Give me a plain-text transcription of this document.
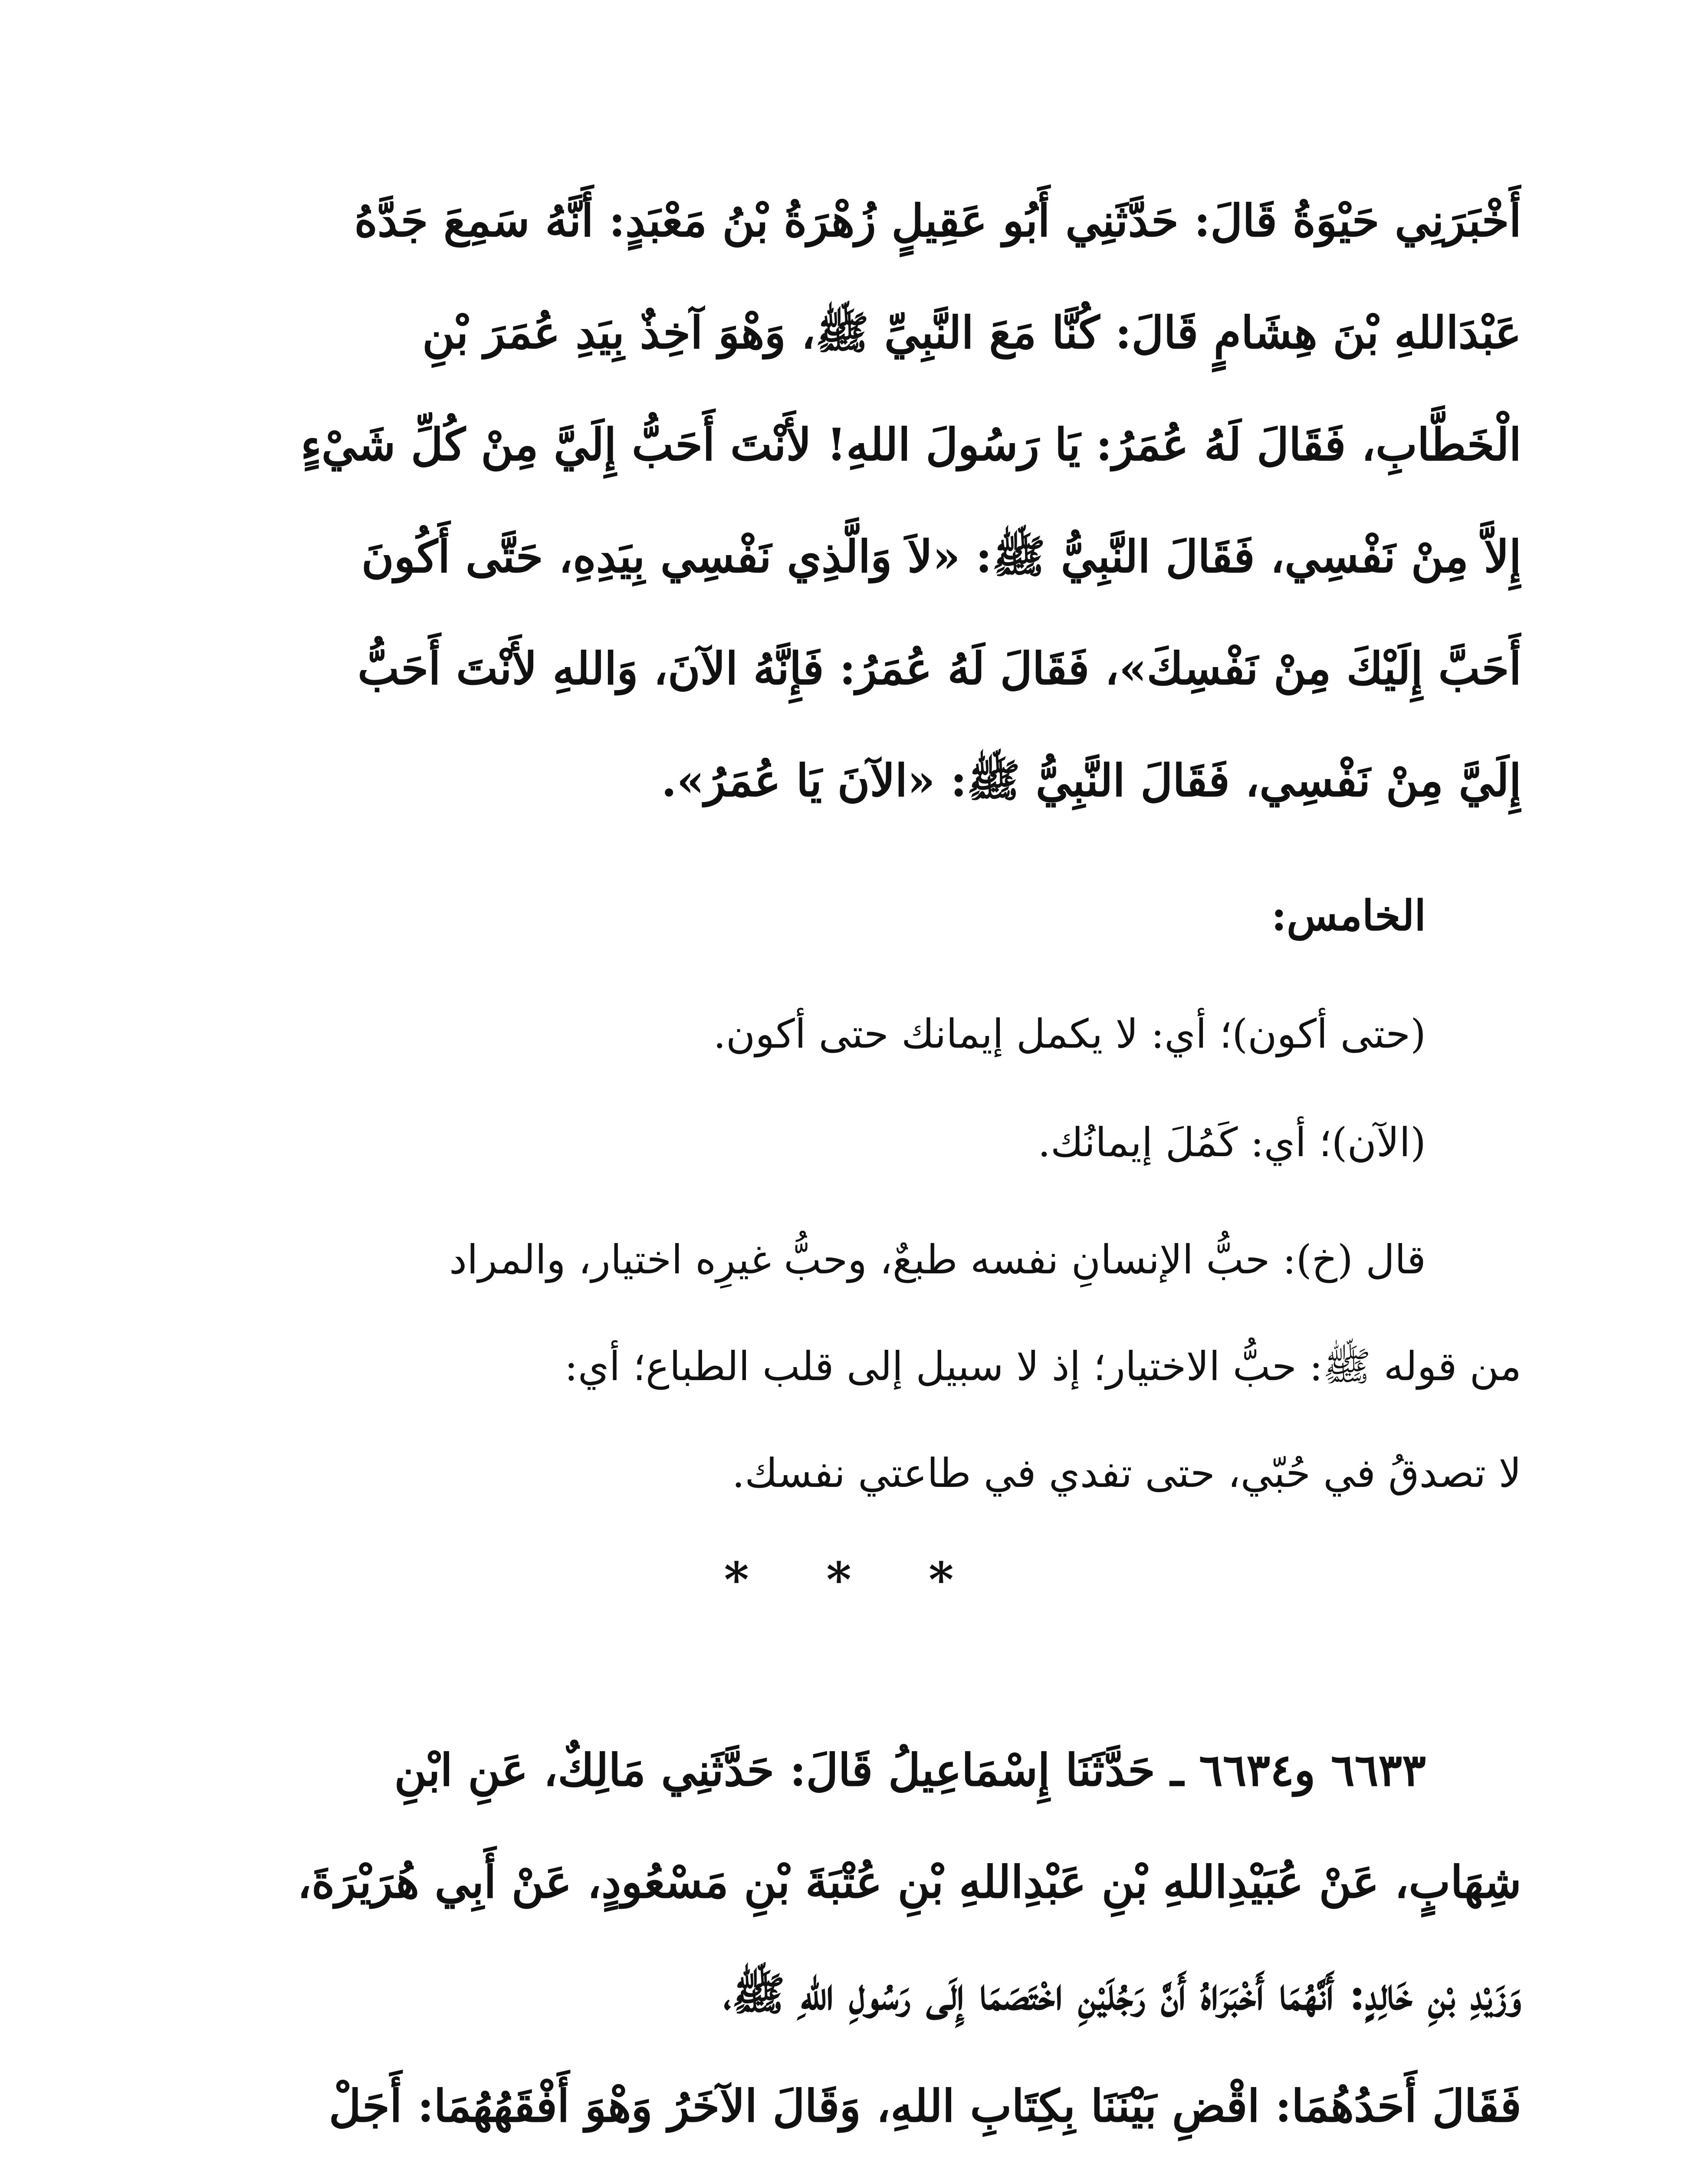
أَخْبَرَنِي حَيْوَةُ قَالَ: حَدَّثَنِي أَبُو عَقِيلٍ زُهْرَةُ بْنُ مَعْبَدٍ: أَنَّهُ سَمِعَ جَدَّهُ
عَبْدَاللهِ بْنَ هِشَامٍ قَالَ: كُنَّا مَعَ النَّبِيِّ ﷺ، وَهْوَ آخِذٌ بِيَدِ عُمَرَ بْنِ
الْخَطَّابِ، فَقَالَ لَهُ عُمَرُ: يَا رَسُولَ اللهِ! لأَنْتَ أَحَبُّ إِلَيَّ مِنْ كُلِّ شَيْءٍ
إِلاَّ مِنْ نَفْسِي، فَقَالَ النَّبِيُّ ﷺ: «لاَ وَالَّذِي نَفْسِي بِيَدِهِ، حَتَّى أَكُونَ
أَحَبَّ إِلَيْكَ مِنْ نَفْسِكَ»، فَقَالَ لَهُ عُمَرُ: فَإِنَّهُ الآنَ، وَاللهِ لأَنْتَ أَحَبُّ
إِلَيَّ مِنْ نَفْسِي، فَقَالَ النَّبِيُّ ﷺ: «الآنَ يَا عُمَرُ».
الخامس:
(حتى أكون)؛ أي: لا يكمل إيمانك حتى أكون.
(الآن)؛ أي: كَمُلَ إيمانُك.
قال (خ): حبُّ الإنسانِ نفسه طبعٌ، وحبُّ غيرِه اختيار، والمراد
من قوله ﷺ: حبُّ الاختيار؛ إذ لا سبيل إلى قلب الطباع؛ أي:
لا تصدقُ في حُبّي، حتى تفدي في طاعتي نفسك.
* * *
٦٦٣٣ و٦٦٣٤ ـ حَدَّثَنَا إِسْمَاعِيلُ قَالَ: حَدَّثَنِي مَالِكٌ، عَنِ ابْنِ
شِهَابٍ، عَنْ عُبَيْدِاللهِ بْنِ عَبْدِاللهِ بْنِ عُتْبَةَ بْنِ مَسْعُودٍ، عَنْ أَبِي هُرَيْرَةَ،
وَزَيْدِ بْنِ خَالِدٍ: أَنَّهُمَا أَخْبَرَاهُ أَنَّ رَجُلَيْنِ اخْتَصَمَا إِلَى رَسُولِ اللهِ ﷺ،
فَقَالَ أَحَدُهُمَا: اقْضِ بَيْنَنَا بِكِتَابِ اللهِ، وَقَالَ الآخَرُ وَهْوَ أَفْقَهُهُمَا: أَجَلْ
